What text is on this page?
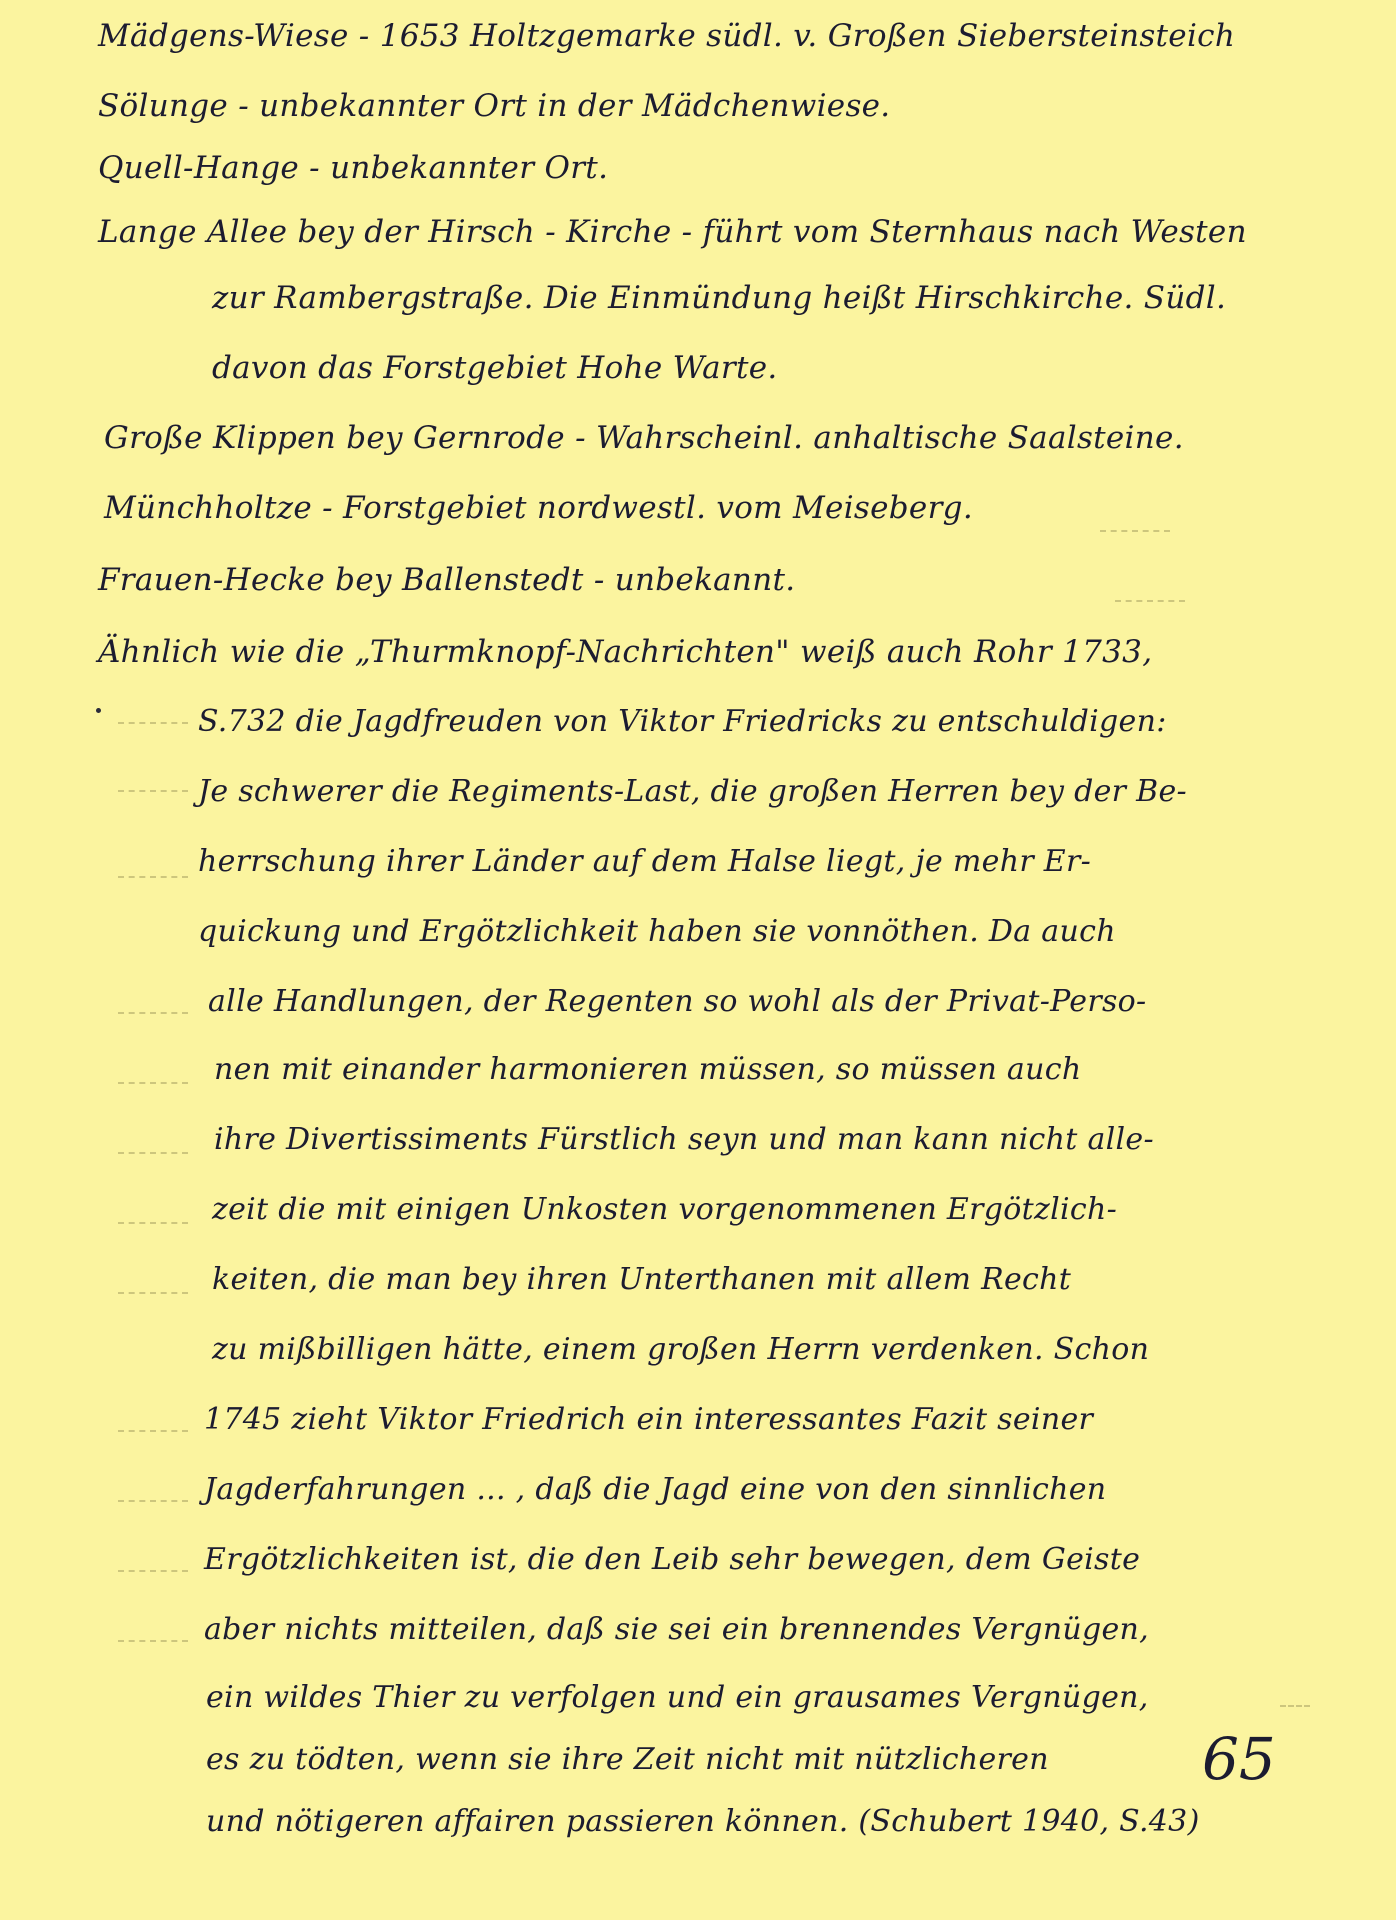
Mädgens-Wiese - 1653 Holtzgemarke südl. v. Großen Siebersteinsteich
Sölunge - unbekannter Ort in der Mädchenwiese.
Quell-Hange - unbekannter Ort.
Lange Allee bey der Hirsch - Kirche - führt vom Sternhaus nach Westen
zur Rambergstraße. Die Einmündung heißt Hirschkirche. Südl.
davon das Forstgebiet Hohe Warte.
Große Klippen bey Gernrode - Wahrscheinl. anhaltische Saalsteine.
Münchholtze - Forstgebiet nordwestl. vom Meiseberg.
Frauen-Hecke bey Ballenstedt - unbekannt.
Ähnlich wie die „Thurmknopf-Nachrichten" weiß auch Rohr 1733,
S.732 die Jagdfreuden von Viktor Friedricks zu entschuldigen:
Je schwerer die Regiments-Last, die großen Herren bey der Be-
herrschung ihrer Länder auf dem Halse liegt, je mehr Er-
quickung und Ergötzlichkeit haben sie vonnöthen. Da auch
alle Handlungen, der Regenten so wohl als der Privat-Perso-
nen mit einander harmonieren müssen, so müssen auch
ihre Divertissiments Fürstlich seyn und man kann nicht alle-
zeit die mit einigen Unkosten vorgenommenen Ergötzlich-
keiten, die man bey ihren Unterthanen mit allem Recht
zu mißbilligen hätte, einem großen Herrn verdenken. Schon
1745 zieht Viktor Friedrich ein interessantes Fazit seiner
Jagderfahrungen ... , daß die Jagd eine von den sinnlichen
Ergötzlichkeiten ist, die den Leib sehr bewegen, dem Geiste
aber nichts mitteilen, daß sie sei ein brennendes Vergnügen,
ein wildes Thier zu verfolgen und ein grausames Vergnügen,
es zu tödten, wenn sie ihre Zeit nicht mit nützlicheren
und nötigeren affairen passieren können. (Schubert 1940, S.43)
65
